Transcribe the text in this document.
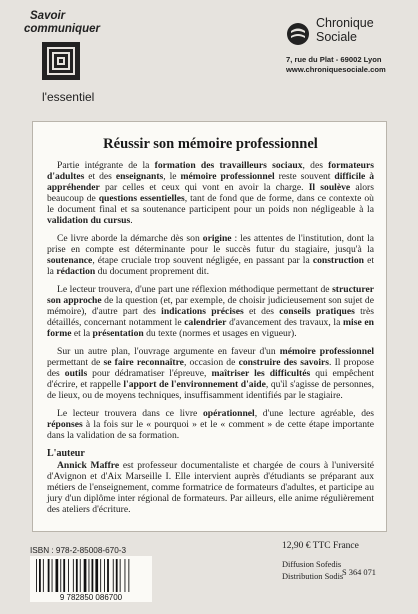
Savoir
communiquer
l'essentiel
Chronique
Sociale
7, rue du Plat - 69002 Lyon
www.chroniquesociale.com
Réussir son mémoire professionnel

Partie intégrante de la formation des travailleurs sociaux, des formateurs d'adultes et des enseignants, le mémoire professionnel reste souvent difficile à appréhender par celles et ceux qui vont en avoir la charge. Il soulève alors beaucoup de questions essentielles, tant de fond que de forme, dans ce contexte où le document final et sa soutenance participent pour un poids non négligeable à la validation du cursus.

Ce livre aborde la démarche dès son origine : les attentes de l'institution, dont la prise en compte est déterminante pour le succès futur du stagiaire, jusqu'à la soutenance, étape cruciale trop souvent négligée, en passant par la construction et la rédaction du document proprement dit.

Le lecteur trouvera, d'une part une réflexion méthodique permettant de structurer son approche de la question (et, par exemple, de choisir judicieusement son sujet de mémoire), d'autre part des indications précises et des conseils pratiques très détaillés, concernant notamment le calendrier d'avancement des travaux, la mise en forme et la présentation du texte (normes et usages en vigueur).

Sur un autre plan, l'ouvrage argumente en faveur d'un mémoire professionnel permettant de se faire reconnaître, occasion de construire des savoirs. Il propose des outils pour dédramatiser l'épreuve, maîtriser les difficultés qui empêchent d'écrire, et rappelle l'apport de l'environnement d'aide, qu'il s'agisse de personnes, de lieux, ou de moyens techniques, insuffisamment identifiés par le stagiaire.

Le lecteur trouvera dans ce livre opérationnel, d'une lecture agréable, des réponses à la fois sur le « pourquoi » et le « comment » de cette étape importante dans la validation de sa formation.

L'auteur

Annick Maffre est professeur documentaliste et chargée de cours à l'université d'Avignon et d'Aix Marseille I. Elle intervient auprès d'étudiants se préparant aux métiers de l'enseignement, comme formatrice de formateurs d'adultes, et participe au jury d'un diplôme inter régional de formateurs. Par ailleurs, elle anime régulièrement des ateliers d'écriture.

ISBN : 978-2-85008-670-3
9 782850 086700
12,90 € TTC France
Diffusion Sofedis
Distribution Sodis
S 364 071
